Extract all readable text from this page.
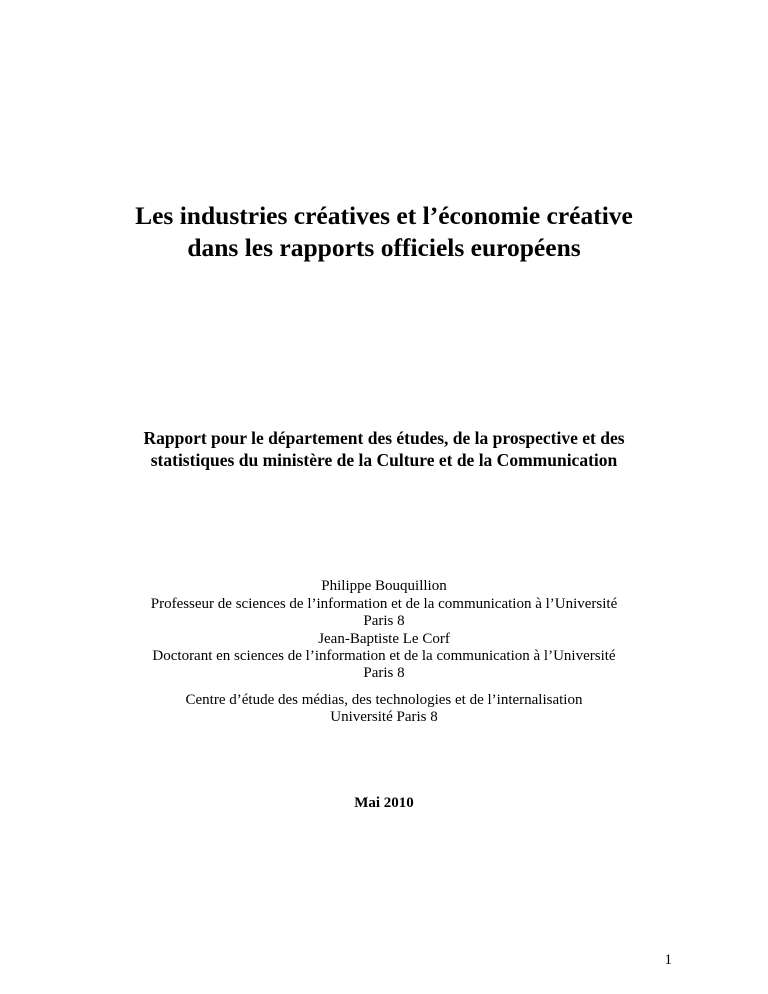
Les industries créatives et l’économie créative
dans les rapports officiels européens
Rapport pour le département des études, de la prospective et des
statistiques du ministère de la Culture et de la Communication
Philippe Bouquillion
Professeur de sciences de l’information et de la communication à l’Université
Paris 8
Jean-Baptiste Le Corf
Doctorant en sciences de l’information et de la communication à l’Université
Paris 8
Centre d’étude des médias, des technologies et de l’internalisation
Université Paris 8
Mai 2010
1
